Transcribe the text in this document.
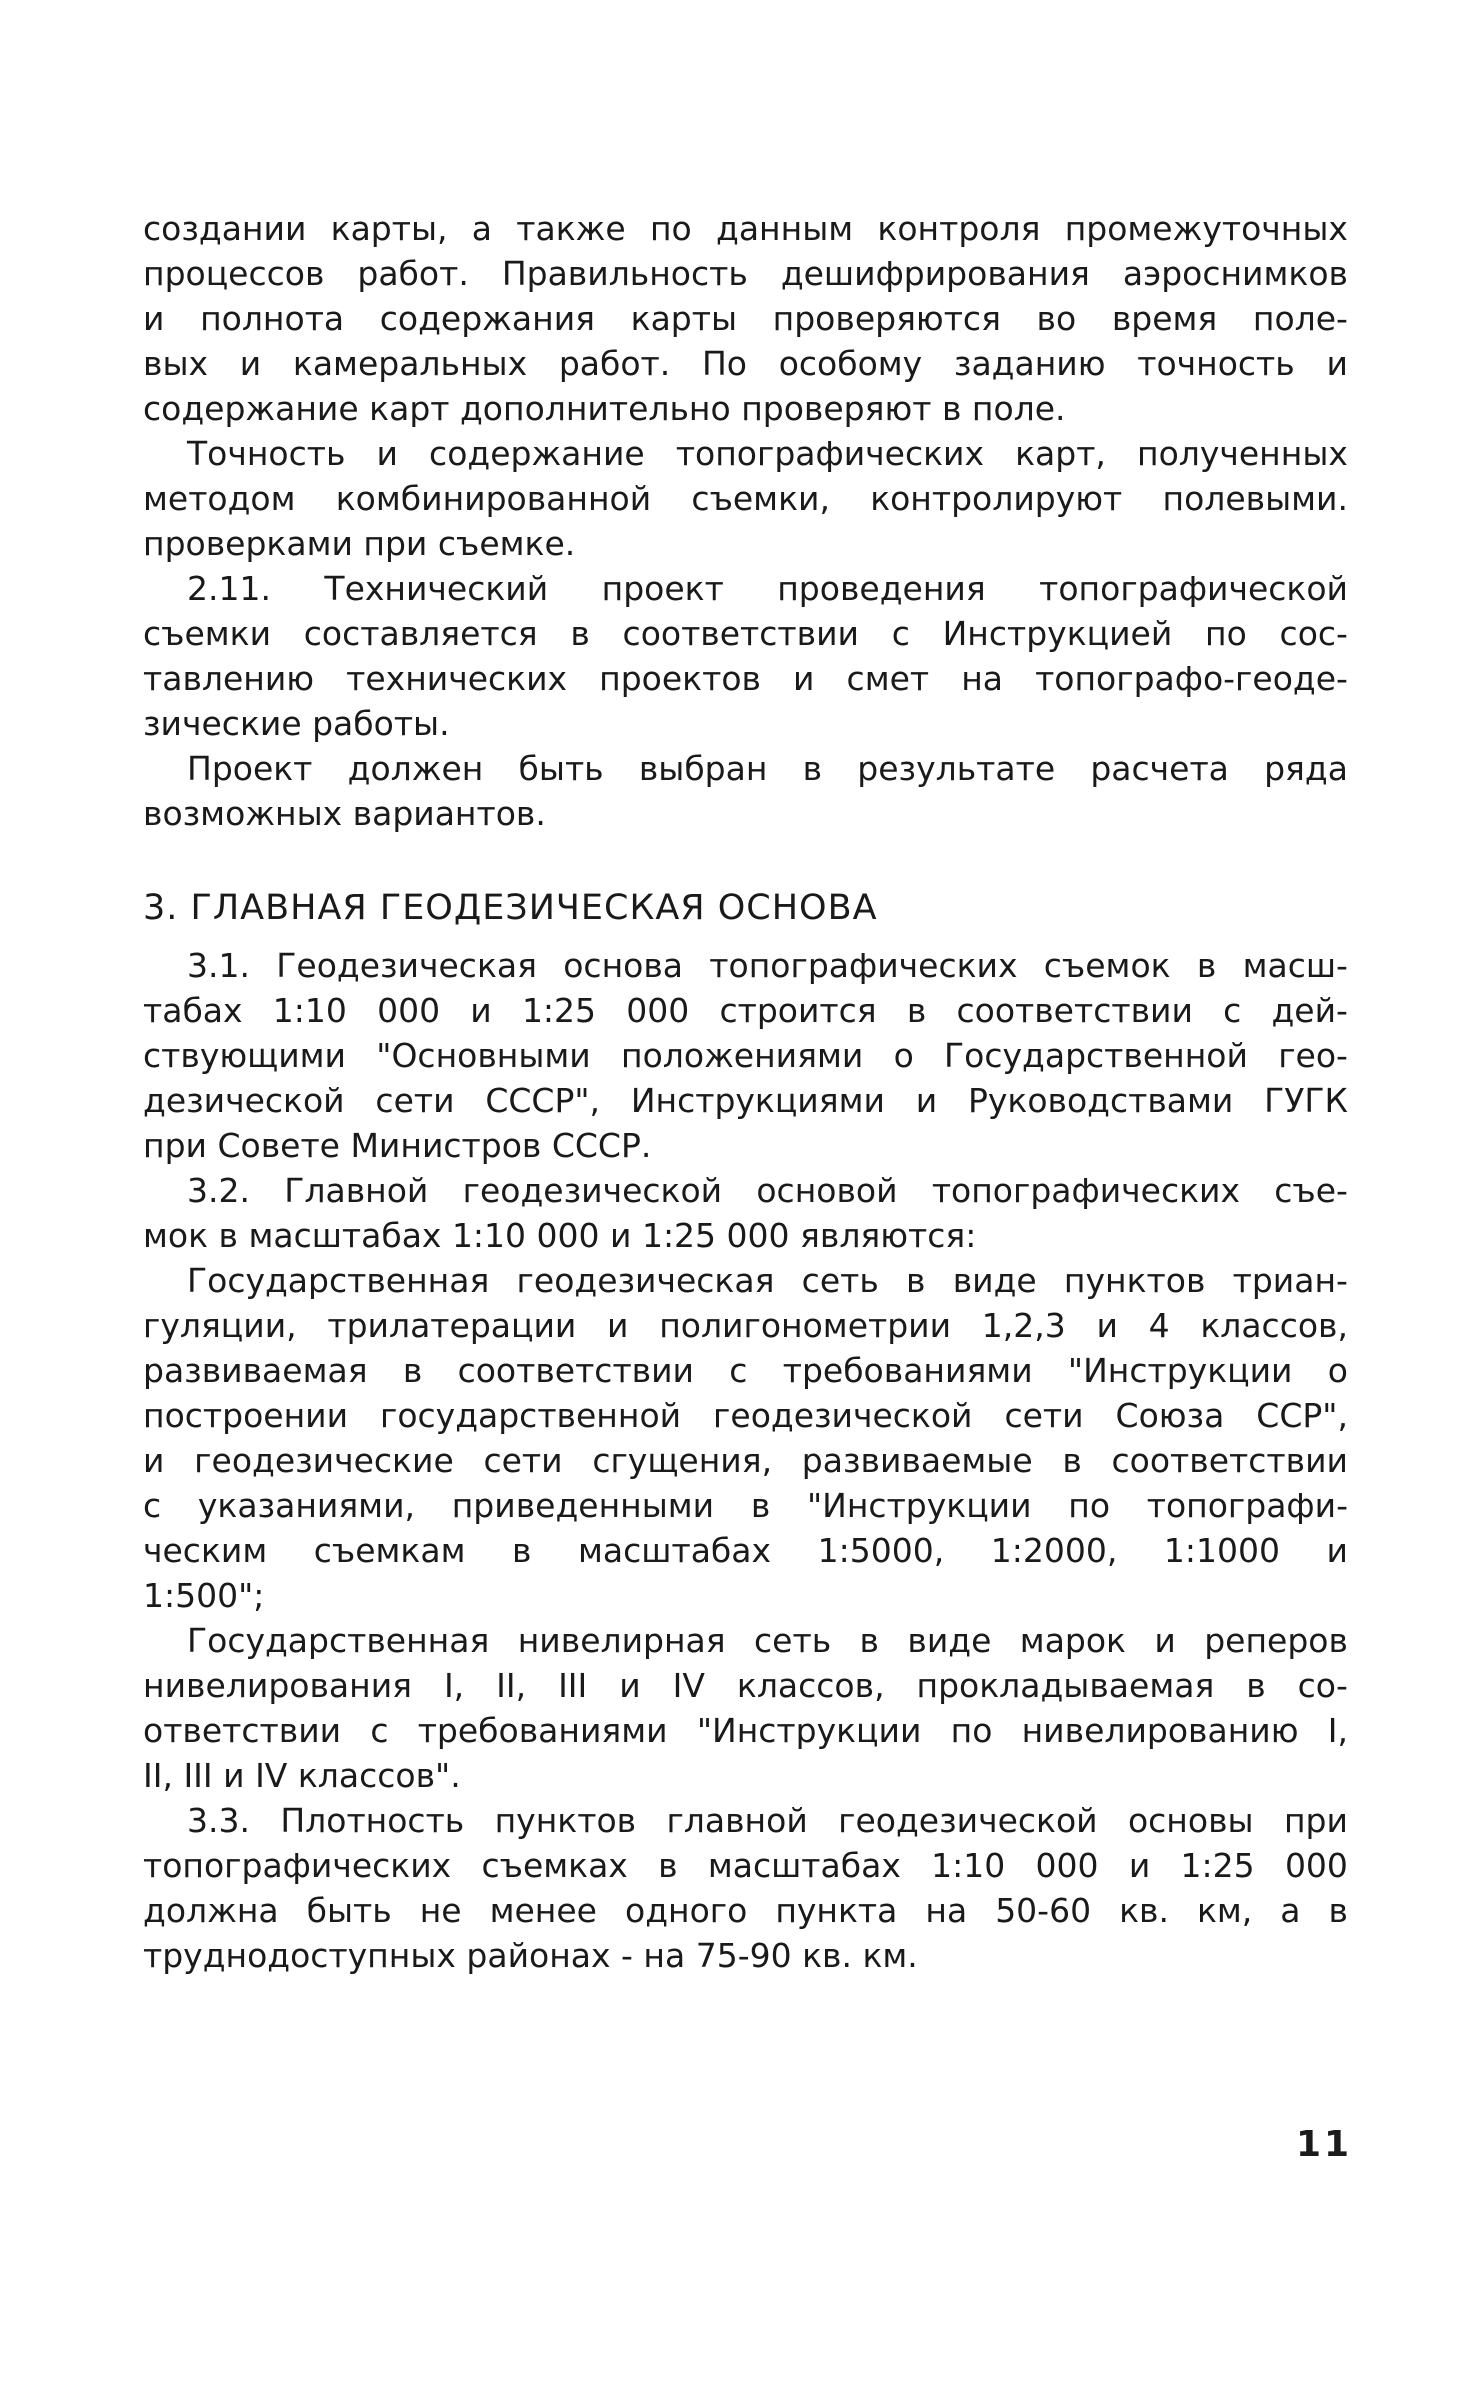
создании карты, а также по данным контроля промежуточных
процессов работ. Правильность дешифрирования аэроснимков
и полнота содержания карты проверяются во время поле-
вых и камеральных работ. По особому заданию точность и
содержание карт дополнительно проверяют в поле.
Точность и содержание топографических карт, полученных
методом комбинированной съемки, контролируют полевыми.
проверками при съемке.
2.11. Технический проект проведения топографической
съемки составляется в соответствии с Инструкцией по сос-
тавлению технических проектов и смет на топографо-геоде-
зические работы.
Проект должен быть выбран в результате расчета ряда
возможных вариантов.
3. ГЛАВНАЯ ГЕОДЕЗИЧЕСКАЯ ОСНОВА
3.1. Геодезическая основа топографических съемок в масш-
табах 1:10 000 и 1:25 000 строится в соответствии с дей-
ствующими "Основными положениями о Государственной гео-
дезической сети СССР", Инструкциями и Руководствами ГУГК
при Совете Министров СССР.
3.2. Главной геодезической основой топографических съе-
мок в масштабах 1:10 000 и 1:25 000 являются:
Государственная геодезическая сеть в виде пунктов триан-
гуляции, трилатерации и полигонометрии 1,2,3 и 4 классов,
развиваемая в соответствии с требованиями "Инструкции о
построении государственной геодезической сети Союза ССР",
и геодезические сети сгущения, развиваемые в соответствии
с указаниями, приведенными в "Инструкции по топографи-
ческим съемкам в масштабах 1:5000, 1:2000, 1:1000 и
1:500";
Государственная нивелирная сеть в виде марок и реперов
нивелирования I, II, III и IV классов, прокладываемая в со-
ответствии с требованиями "Инструкции по нивелированию I,
II, III и IV классов".
3.3. Плотность пунктов главной геодезической основы при
топографических съемках в масштабах 1:10 000 и 1:25 000
должна быть не менее одного пункта на 50-60 кв. км, а в
труднодоступных районах - на 75-90 кв. км.
11
